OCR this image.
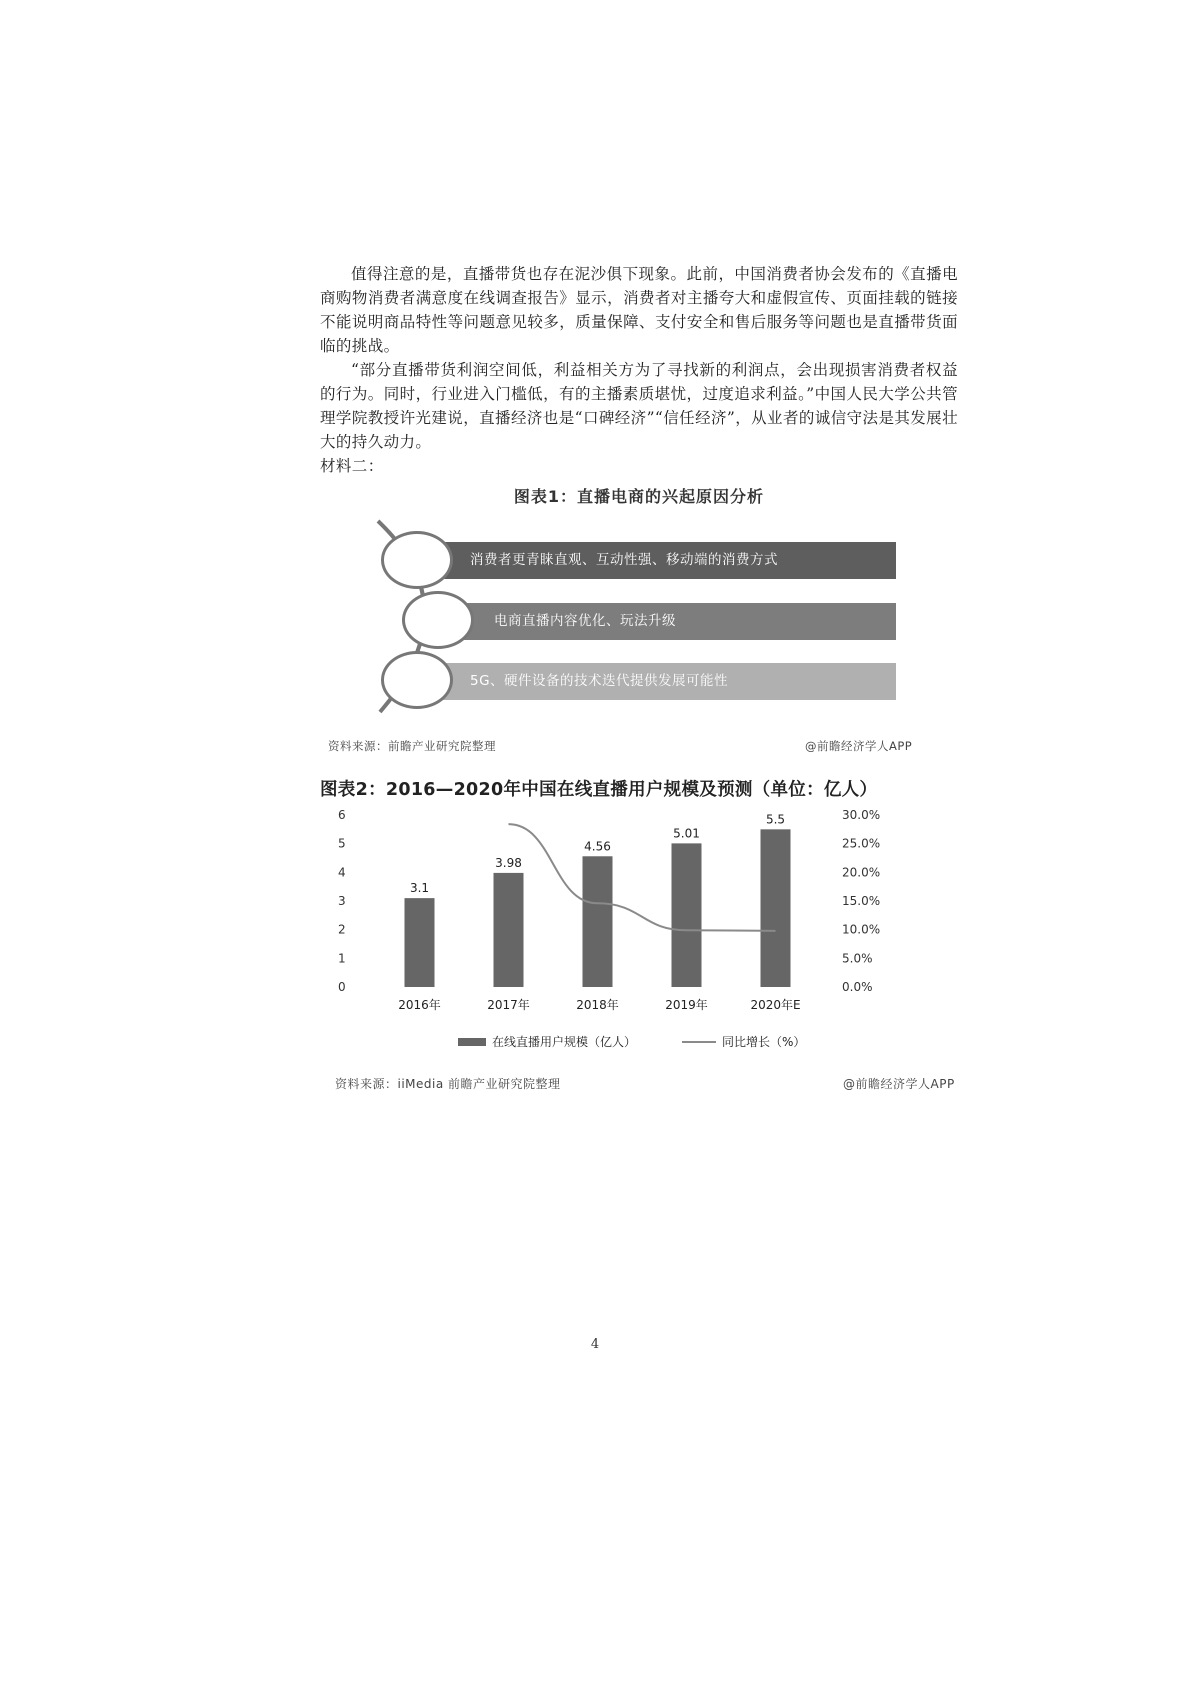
值得注意的是，直播带货也存在泥沙俱下现象。此前，中国消费者协会发布的《直播电商购物消费者满意度在线调查报告》显示，消费者对主播夸大和虚假宣传、页面挂载的链接不能说明商品特性等问题意见较多，质量保障、支付安全和售后服务等问题也是直播带货面临的挑战。

“部分直播带货利润空间低，利益相关方为了寻找新的利润点，会出现损害消费者权益的行为。同时，行业进入门槛低，有的主播素质堪忧，过度追求利益。”中国人民大学公共管理学院教授许光建说，直播经济也是“口碑经济”“信任经济”，从业者的诚信守法是其发展壮大的持久动力。

材料二：

图表1：直播电商的兴起原因分析
消费者更青睐直观、互动性强、移动端的消费方式
电商直播内容优化、玩法升级
5G、硬件设备的技术迭代提供发展可能性
资料来源：前瞻产业研究院整理	@前瞻经济学人APP
图表2：2016—2020年中国在线直播用户规模及预测（单位：亿人）
0
1
2
3
4
5
6
0.0%
5.0%
10.0%
15.0%
20.0%
25.0%
30.0%
3.1
3.98
4.56
5.01
5.5
2016年	2017年	2018年	2019年	2020年E
在线直播用户规模（亿人）	同比增长（%）
资料来源：iiMedia 前瞻产业研究院整理	@前瞻经济学人APP
4
